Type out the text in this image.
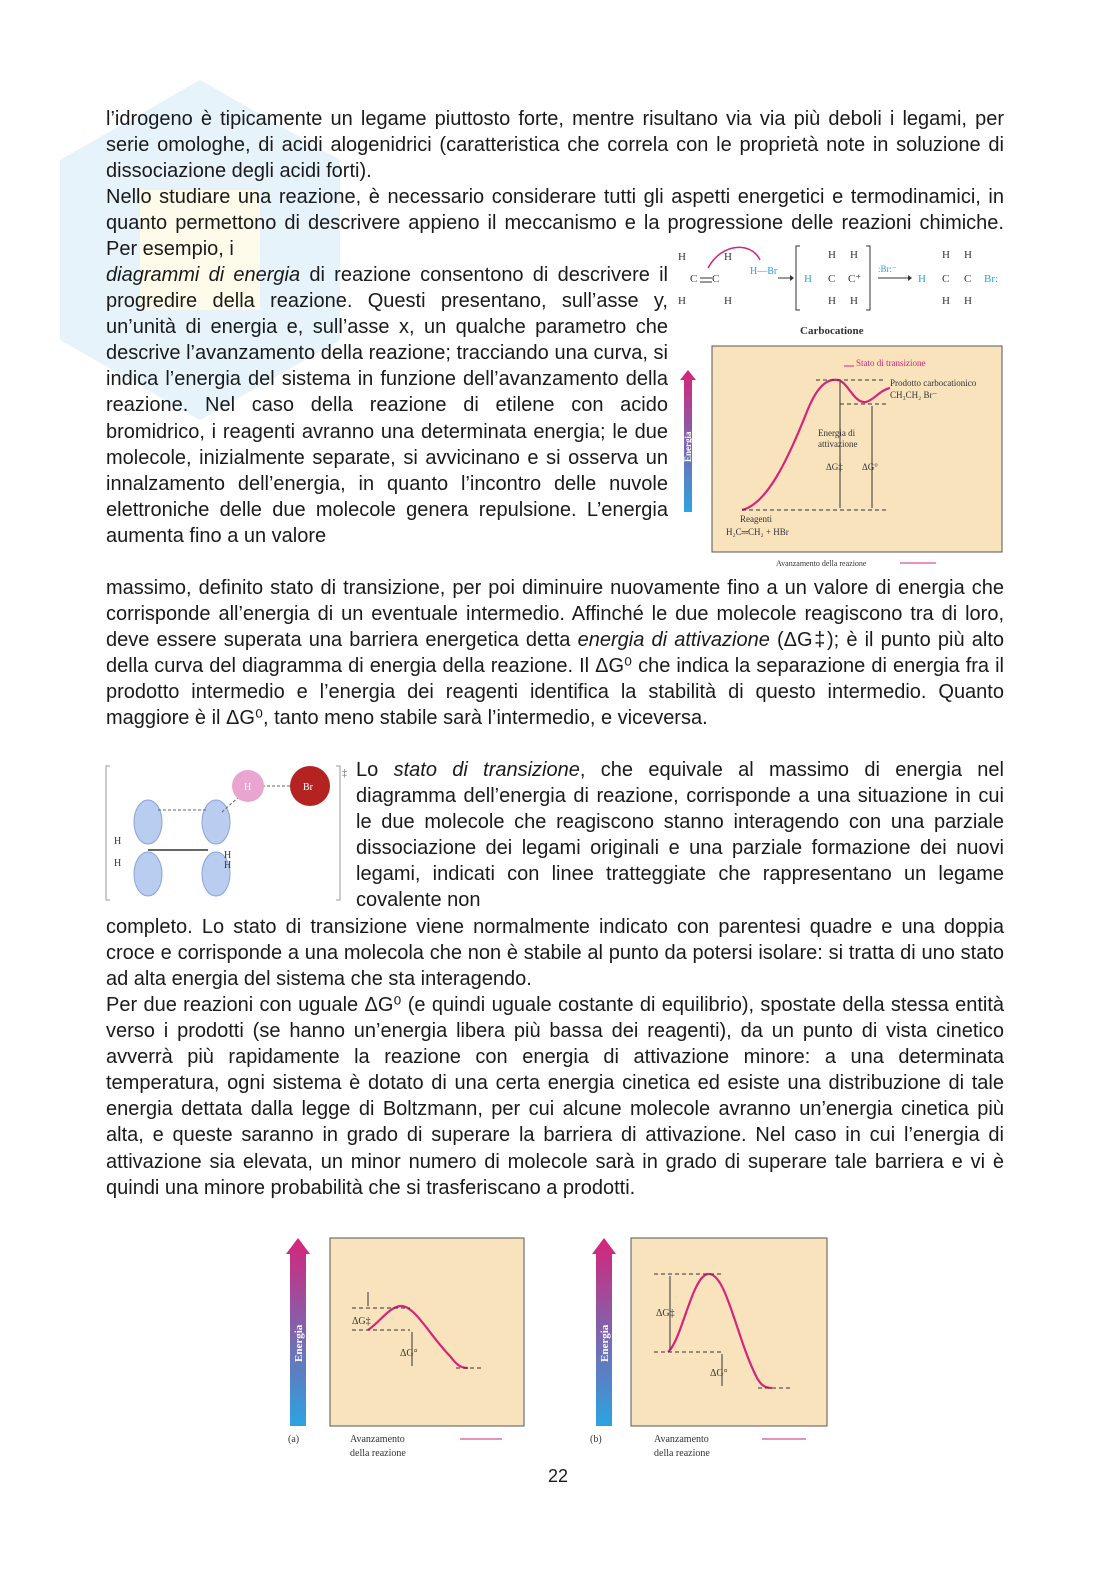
l’idrogeno è tipicamente un legame piuttosto forte, mentre risultano via via più deboli i legami, per serie omologhe, di acidi alogenidrici (caratteristica che correla con le proprietà note in soluzione di dissociazione degli acidi forti).

Nello studiare una reazione, è necessario considerare tutti gli aspetti energetici e termodinamici, in quanto permettono di descrivere appieno il meccanismo e la progressione delle reazioni chimiche. Per esempio, i

diagrammi di energia di reazione consentono di descrivere il progredire della reazione. Questi presentano, sull’asse y, un’unità di energia e, sull’asse x, un qualche parametro che descrive l’avanzamento della reazione; tracciando una curva, si indica l’energia del sistema in funzione dell’avanzamento della reazione. Nel caso della reazione di etilene con acido bromidrico, i reagenti avranno una determinata energia; le due molecole, inizialmente separate, si avvicinano e si osserva un innalzamento dell’energia, in quanto l’incontro delle nuvole elettroniche delle due molecole genera repulsione. L’energia aumenta fino a un valore

massimo, definito stato di transizione, per poi diminuire nuovamente fino a un valore di energia che corrisponde all’energia di un eventuale intermedio. Affinché le due molecole reagiscono tra di loro, deve essere superata una barriera energetica detta energia di attivazione (ΔG‡); è il punto più alto della curva del diagramma di energia della reazione. Il ΔG⁰ che indica la separazione di energia fra il prodotto intermedio e l’energia dei reagenti identifica la stabilità di questo intermedio. Quanto maggiore è il ΔG⁰, tanto meno stabile sarà l’intermedio, e viceversa.

Lo stato di transizione, che equivale al massimo di energia nel diagramma dell’energia di reazione, corrisponde a una situazione in cui le due molecole che reagiscono stanno interagendo con una parziale dissociazione dei legami originali e una parziale formazione dei nuovi legami, indicati con linee tratteggiate che rappresentano un legame covalente non

completo. Lo stato di transizione viene normalmente indicato con parentesi quadre e una doppia croce e corrisponde a una molecola che non è stabile al punto da potersi isolare: si tratta di uno stato ad alta energia del sistema che sta interagendo.

Per due reazioni con uguale ΔG⁰ (e quindi uguale costante di equilibrio), spostate della stessa entità verso i prodotti (se hanno un’energia libera più bassa dei reagenti), da un punto di vista cinetico avverrà più rapidamente la reazione con energia di attivazione minore: a una determinata temperatura, ogni sistema è dotato di una certa energia cinetica ed esiste una distribuzione di tale energia dettata dalla legge di Boltzmann, per cui alcune molecole avranno un’energia cinetica più alta, e queste saranno in grado di superare la barriera di attivazione. Nel caso in cui l’energia di attivazione sia elevata, un minor numero di molecole sarà in grado di superare tale barriera e vi è quindi una minore probabilità che si trasferiscano a prodotti.

H	H
C C
H	H
H—Br
H H
H C C⁺
H H
:Br:⁻
H H
H C C Br:
H H
Carbocatione
Energia
Stato di transizione
Prodotto carbocationico
CH₃CH₂ Br⁻
Energia di
attivazione
ΔG‡ ΔG°
Reagenti
H₂C═CH₂ + HBr
Avanzamento della reazione
‡
H	Br
H
H
H
H
Energia
ΔG‡
ΔG°
(a)	Avanzamento
della reazione
Energia
ΔG‡
ΔG°
(b)	Avanzamento
della reazione
22
